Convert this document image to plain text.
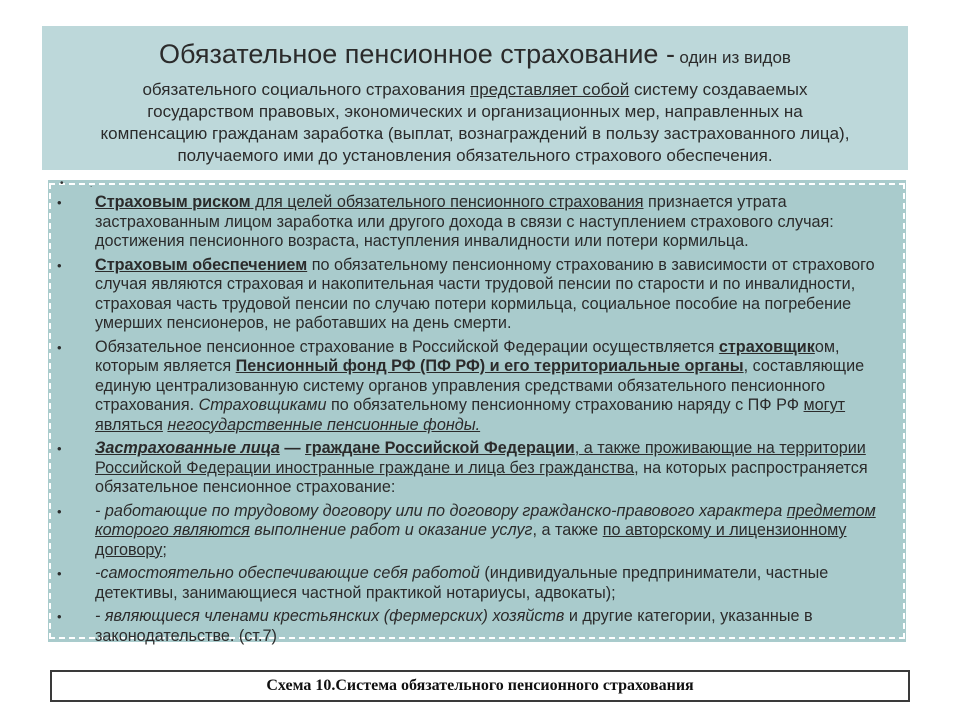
Обязательное пенсионное страхование - один из видов
обязательного социального страхования представляет собой систему создаваемых
государством правовых, экономических и организационных мер, направленных на
компенсацию гражданам заработка (выплат, вознаграждений в пользу застрахованного лица),
получаемого ими до установления обязательного страхового обеспечения.
•	.
• Страховым риском для целей обязательного пенсионного страхования признается утрата застрахованным лицом заработка или другого дохода в связи с наступлением страхового случая: достижения пенсионного возраста, наступления инвалидности или потери кормильца.
• Страховым обеспечением по обязательному пенсионному страхованию в зависимости от страхового случая являются страховая и накопительная части трудовой пенсии по старости и по инвалидности, страховая часть трудовой пенсии по случаю потери кормильца, социальное пособие на погребение умерших пенсионеров, не работавших на день смерти.
• Обязательное пенсионное страхование в Российской Федерации осуществляется страховщиком, которым является Пенсионный фонд РФ (ПФ РФ) и его территориальные органы, составляющие единую централизованную систему органов управления средствами обязательного пенсионного страхования. Страховщиками по обязательному пенсионному страхованию наряду с ПФ РФ могут являться негосударственные пенсионные фонды.
• Застрахованные лица — граждане Российской Федерации, а также проживающие на территории Российской Федерации иностранные граждане и лица без гражданства, на которых распространяется обязательное пенсионное страхование:
• - работающие по трудовому договору или по договору гражданско-правового характера предметом которого являются выполнение работ и оказание услуг, а также по авторскому и лицензионному договору;
• -самостоятельно обеспечивающие себя работой (индивидуальные предприниматели, частные детективы, занимающиеся частной практикой нотариусы, адвокаты);
• - являющиеся членами крестьянских (фермерских) хозяйств и другие категории, указанные в законодательстве. (ст.7)
Схема 10.Система обязательного пенсионного страхования
